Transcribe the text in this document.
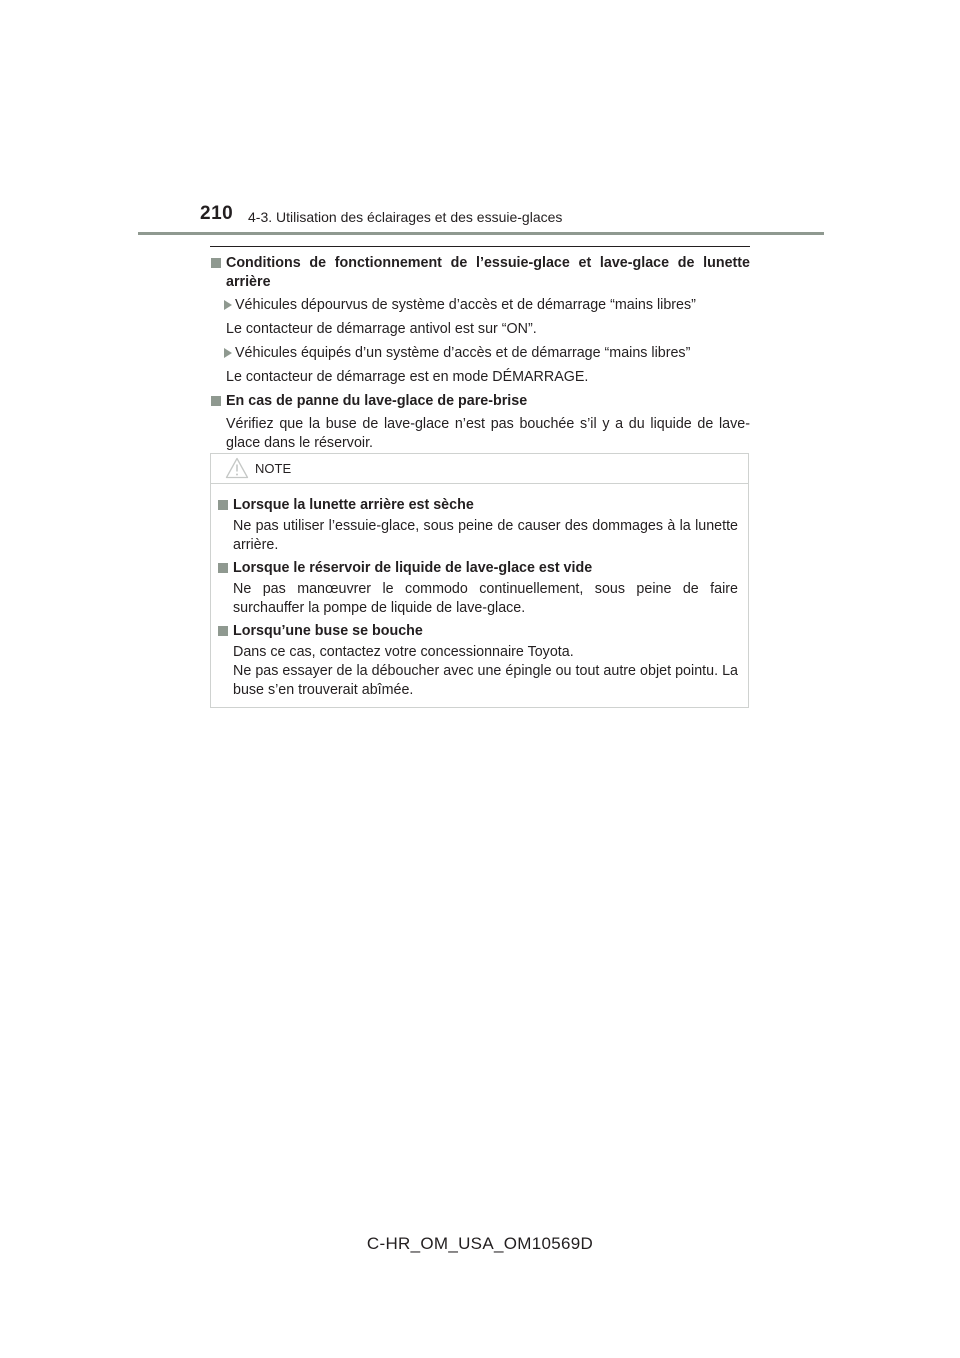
210 4-3. Utilisation des éclairages et des essuie-glaces
Conditions de fonctionnement de l’essuie-glace et lave-glace de lunette arrière
Véhicules dépourvus de système d’accès et de démarrage “mains libres”
Le contacteur de démarrage antivol est sur “ON”.
Véhicules équipés d’un système d’accès et de démarrage “mains libres”
Le contacteur de démarrage est en mode DÉMARRAGE.
En cas de panne du lave-glace de pare-brise
Vérifiez que la buse de lave-glace n’est pas bouchée s’il y a du liquide de lave-glace dans le réservoir.
NOTE
Lorsque la lunette arrière est sèche
Ne pas utiliser l’essuie-glace, sous peine de causer des dommages à la lunette arrière.
Lorsque le réservoir de liquide de lave-glace est vide
Ne pas manœuvrer le commodo continuellement, sous peine de faire surchauffer la pompe de liquide de lave-glace.
Lorsqu’une buse se bouche
Dans ce cas, contactez votre concessionnaire Toyota.
Ne pas essayer de la déboucher avec une épingle ou tout autre objet pointu. La buse s’en trouverait abîmée.
C-HR_OM_USA_OM10569D
